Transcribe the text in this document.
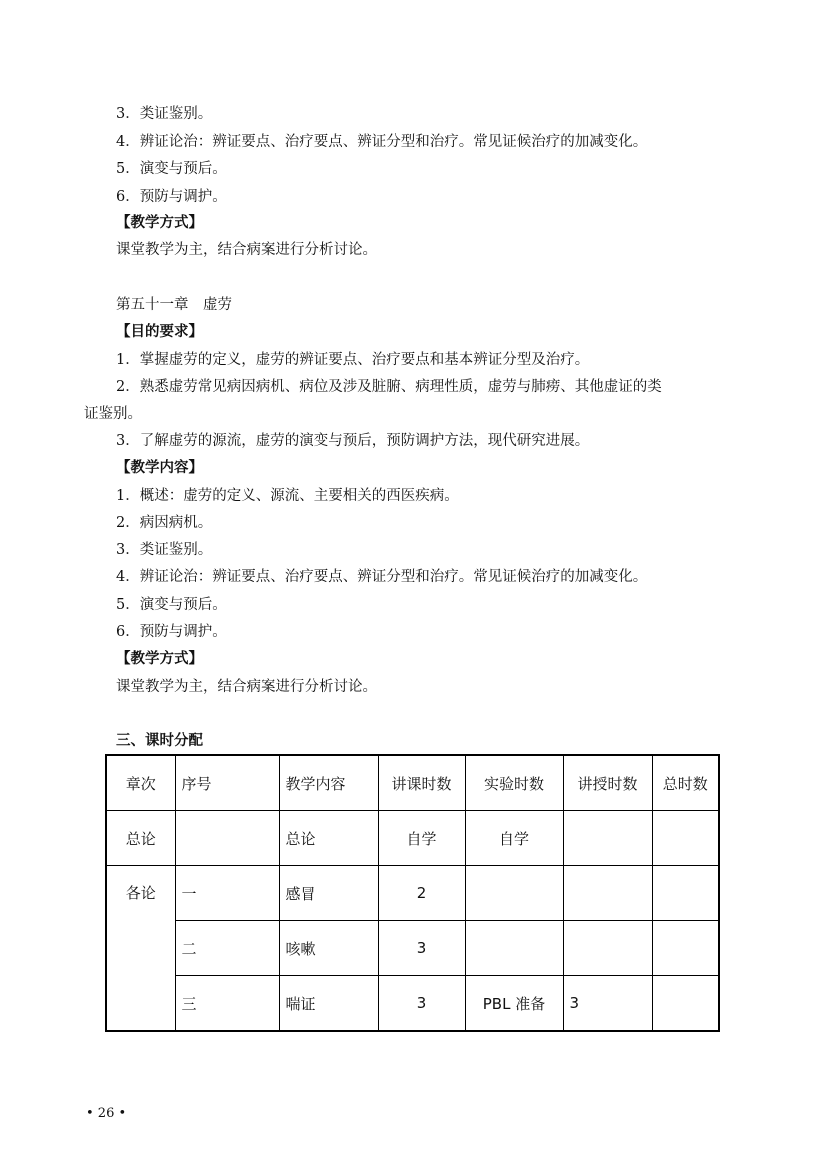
3．类证鉴别。
4．辨证论治：辨证要点、治疗要点、辨证分型和治疗。常见证候治疗的加减变化。
5．演变与预后。
6．预防与调护。
【教学方式】
课堂教学为主，结合病案进行分析讨论。
第五十一章　虚劳
【目的要求】
1．掌握虚劳的定义，虚劳的辨证要点、治疗要点和基本辨证分型及治疗。
2．熟悉虚劳常见病因病机、病位及涉及脏腑、病理性质，虚劳与肺痨、其他虚证的类
证鉴别。
3．了解虚劳的源流，虚劳的演变与预后，预防调护方法，现代研究进展。
【教学内容】
1．概述：虚劳的定义、源流、主要相关的西医疾病。
2．病因病机。
3．类证鉴别。
4．辨证论治：辨证要点、治疗要点、辨证分型和治疗。常见证候治疗的加减变化。
5．演变与预后。
6．预防与调护。
【教学方式】
课堂教学为主，结合病案进行分析讨论。
三、课时分配
章次	序号	教学内容	讲课时数	实验时数	讲授时数	总时数
总论		总论	自学	自学		
各论	一	感冒	2			
	二	咳嗽	3			
	三	喘证	3	PBL 准备	3	
• 26 •
